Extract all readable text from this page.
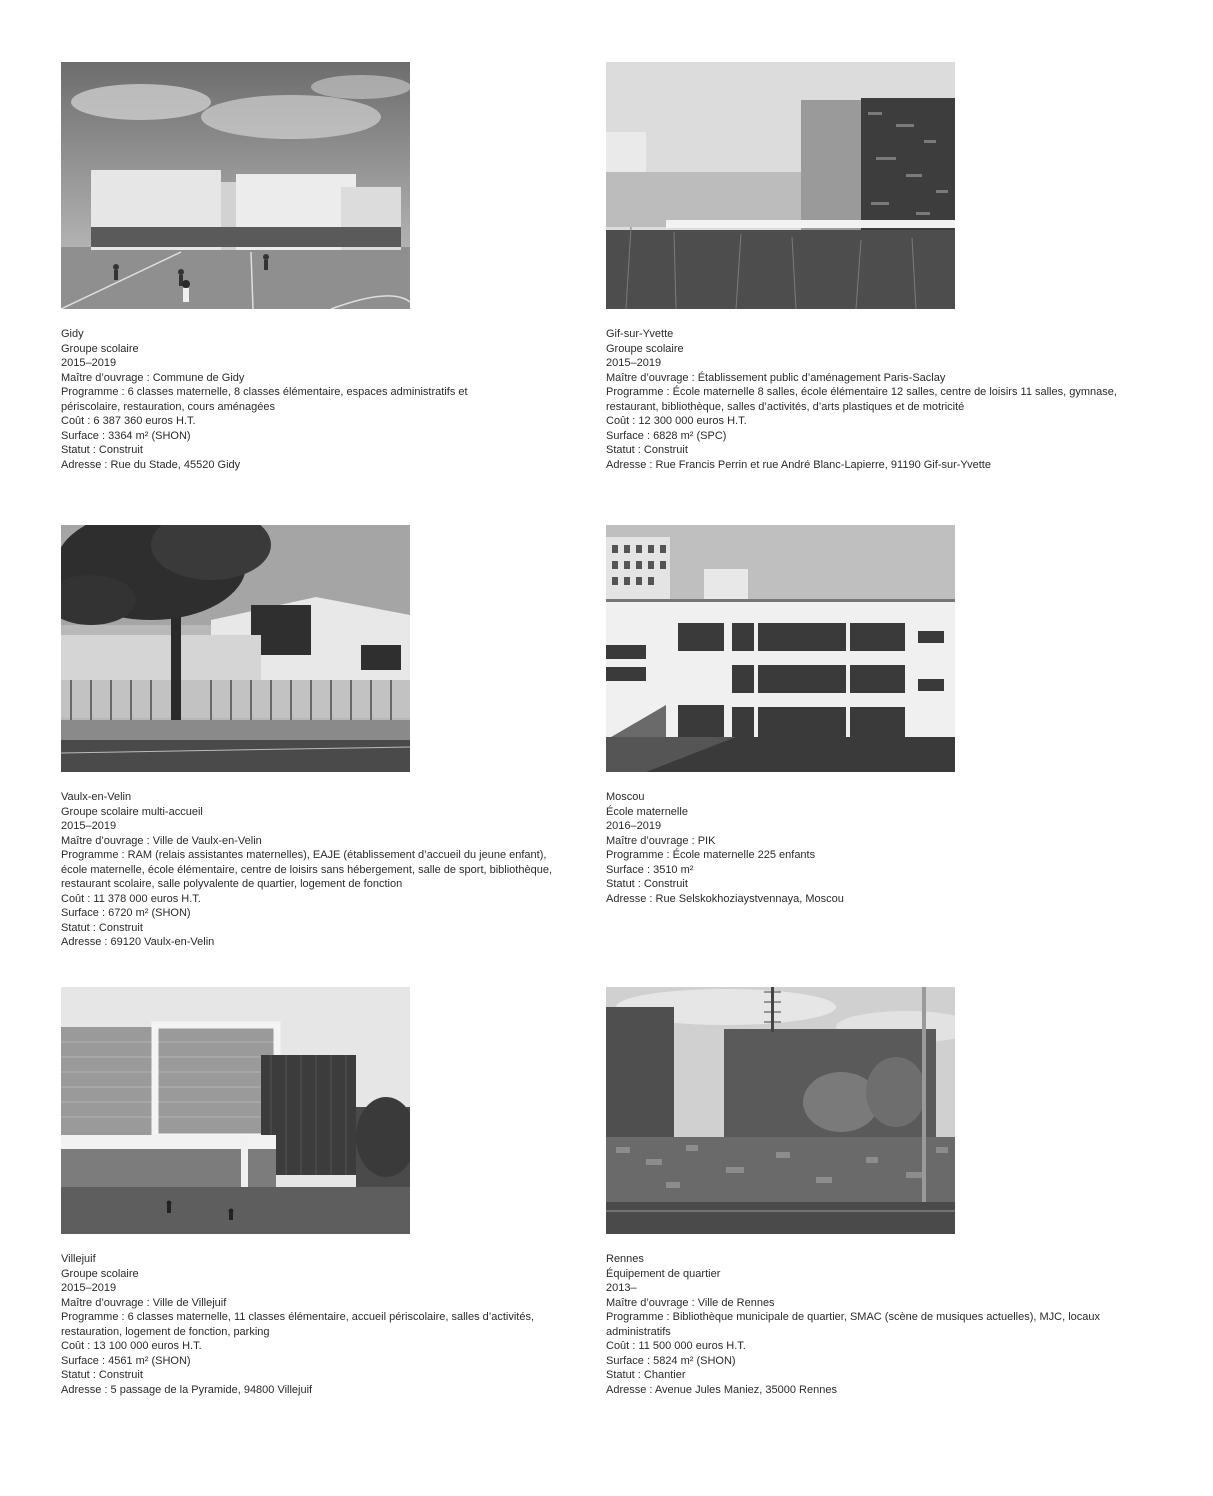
Gidy
Groupe scolaire
2015–2019
Maître d’ouvrage : Commune de Gidy
Programme : 6 classes maternelle, 8 classes élémentaire, espaces administratifs et périscolaire, restauration, cours aménagées
Coût : 6 387 360 euros H.T.
Surface : 3364 m² (SHON)
Statut : Construit
Adresse : Rue du Stade, 45520 Gidy
Gif-sur-Yvette
Groupe scolaire
2015–2019
Maître d’ouvrage : Établissement public d’aménagement Paris-Saclay
Programme : École maternelle 8 salles, école élémentaire 12 salles, centre de loisirs 11 salles, gymnase, restaurant, bibliothèque, salles d’activités, d’arts plastiques et de motricité
Coût : 12 300 000 euros H.T.
Surface : 6828 m² (SPC)
Statut : Construit
Adresse : Rue Francis Perrin et rue André Blanc-Lapierre, 91190 Gif-sur-Yvette
Vaulx-en-Velin
Groupe scolaire multi-accueil
2015–2019
Maître d’ouvrage : Ville de Vaulx-en-Velin
Programme : RAM (relais assistantes maternelles), EAJE (établissement d’accueil du jeune enfant), école maternelle, école élémentaire, centre de loisirs sans hébergement, salle de sport, bibliothèque, restaurant scolaire, salle polyvalente de quartier, logement de fonction
Coût : 11 378 000 euros H.T.
Surface : 6720 m² (SHON)
Statut : Construit
Adresse : 69120 Vaulx-en-Velin
Moscou
École maternelle
2016–2019
Maître d’ouvrage : PIK
Programme : École maternelle 225 enfants
Surface : 3510 m²
Statut : Construit
Adresse : Rue Selskokhoziaystvennaya, Moscou
Villejuif
Groupe scolaire
2015–2019
Maître d’ouvrage : Ville de Villejuif
Programme : 6 classes maternelle, 11 classes élémentaire, accueil périscolaire, salles d’activités, restauration, logement de fonction, parking
Coût : 13 100 000 euros H.T.
Surface : 4561 m² (SHON)
Statut : Construit
Adresse : 5 passage de la Pyramide, 94800 Villejuif
Rennes
Équipement de quartier
2013–
Maître d’ouvrage : Ville de Rennes
Programme : Bibliothèque municipale de quartier, SMAC (scène de musiques actuelles), MJC, locaux administratifs
Coût : 11 500 000 euros H.T.
Surface : 5824 m² (SHON)
Statut : Chantier
Adresse : Avenue Jules Maniez, 35000 Rennes
